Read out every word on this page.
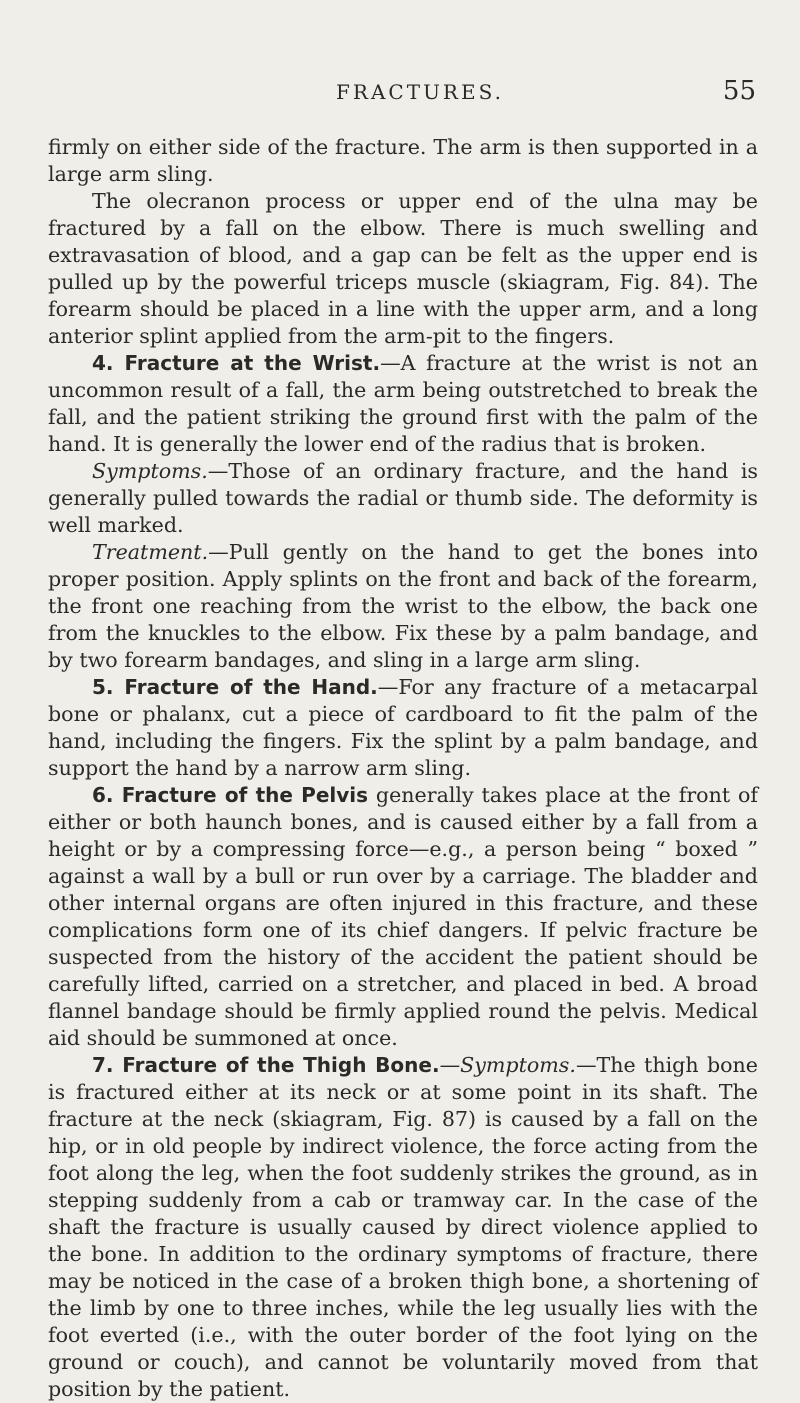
FRACTURES.	55

firmly on either side of the fracture. The arm is then supported in a large arm sling.

The olecranon process or upper end of the ulna may be fractured by a fall on the elbow. There is much swelling and extravasation of blood, and a gap can be felt as the upper end is pulled up by the powerful triceps muscle (skiagram, Fig. 84). The forearm should be placed in a line with the upper arm, and a long anterior splint applied from the arm-pit to the fingers.

4. Fracture at the Wrist.—A fracture at the wrist is not an uncommon result of a fall, the arm being outstretched to break the fall, and the patient striking the ground first with the palm of the hand. It is generally the lower end of the radius that is broken.

Symptoms.—Those of an ordinary fracture, and the hand is generally pulled towards the radial or thumb side. The deformity is well marked.

Treatment.—Pull gently on the hand to get the bones into proper position. Apply splints on the front and back of the forearm, the front one reaching from the wrist to the elbow, the back one from the knuckles to the elbow. Fix these by a palm bandage, and by two forearm bandages, and sling in a large arm sling.

5. Fracture of the Hand.—For any fracture of a metacarpal bone or phalanx, cut a piece of cardboard to fit the palm of the hand, including the fingers. Fix the splint by a palm bandage, and support the hand by a narrow arm sling.

6. Fracture of the Pelvis generally takes place at the front of either or both haunch bones, and is caused either by a fall from a height or by a compressing force—e.g., a person being “ boxed ” against a wall by a bull or run over by a carriage. The bladder and other internal organs are often injured in this fracture, and these complications form one of its chief dangers. If pelvic fracture be suspected from the history of the accident the patient should be carefully lifted, carried on a stretcher, and placed in bed. A broad flannel bandage should be firmly applied round the pelvis. Medical aid should be summoned at once.

7. Fracture of the Thigh Bone.—Symptoms.—The thigh bone is fractured either at its neck or at some point in its shaft. The fracture at the neck (skiagram, Fig. 87) is caused by a fall on the hip, or in old people by indirect violence, the force acting from the foot along the leg, when the foot suddenly strikes the ground, as in stepping suddenly from a cab or tramway car. In the case of the shaft the fracture is usually caused by direct violence applied to the bone. In addition to the ordinary symptoms of fracture, there may be noticed in the case of a broken thigh bone, a shortening of the limb by one to three inches, while the leg usually lies with the foot everted (i.e., with the outer border of the foot lying on the ground or couch), and cannot be voluntarily moved from that position by the patient.
